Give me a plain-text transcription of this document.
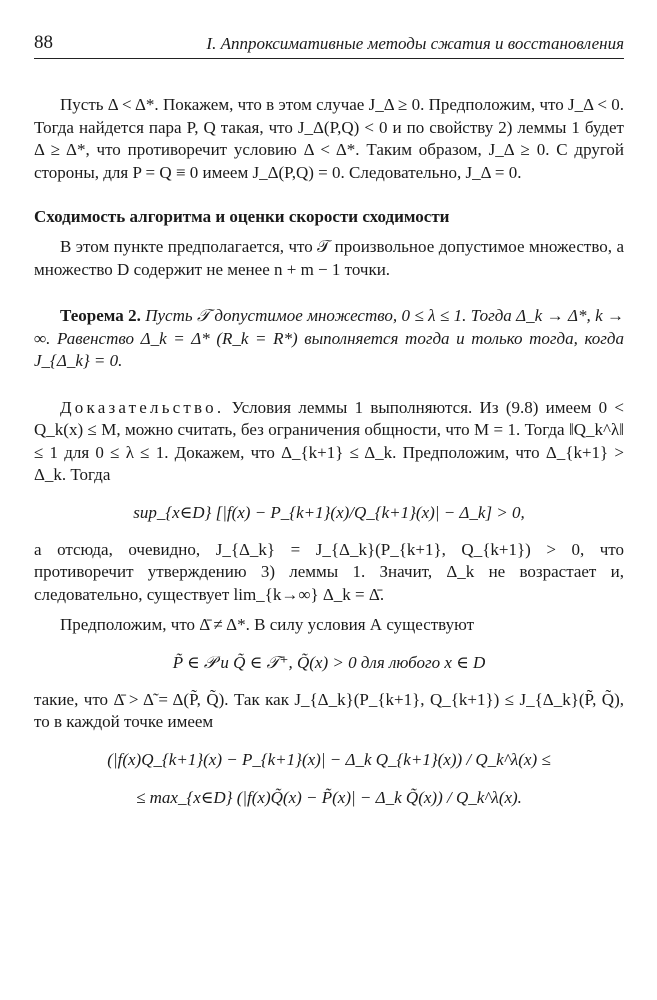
88	I. Аппроксимативные методы сжатия и восстановления

Пусть Δ < Δ*. Покажем, что в этом случае J_Δ ≥ 0. Предположим, что J_Δ < 0. Тогда найдется пара P, Q такая, что J_Δ(P,Q) < 0 и по свойству 2) леммы 1 будет Δ ≥ Δ*, что противоречит условию Δ < Δ*. Таким образом, J_Δ ≥ 0. С другой стороны, для P = Q ≡ 0 имеем J_Δ(P,Q) = 0. Следовательно, J_Δ = 0.

Сходимость алгоритма и оценки скорости сходимости

В этом пункте предполагается, что 𝒯 произвольное допустимое множество, а множество D содержит не менее n + m − 1 точки.

Теорема 2. Пусть 𝒯 допустимое множество, 0 ≤ λ ≤ 1. Тогда Δ_k → Δ*, k → ∞. Равенство Δ_k = Δ* (R_k = R*) выполняется тогда и только тогда, когда J_{Δ_k} = 0.

Доказательство. Условия леммы 1 выполняются. Из (9.8) имеем 0 < Q_k(x) ≤ M, можно считать, без ограничения общности, что M = 1. Тогда ‖Q_k^λ‖ ≤ 1 для 0 ≤ λ ≤ 1. Докажем, что Δ_{k+1} ≤ Δ_k. Предположим, что Δ_{k+1} > Δ_k. Тогда

sup_{x∈D} [|f(x) − P_{k+1}(x)/Q_{k+1}(x)| − Δ_k] > 0,

а отсюда, очевидно, J_{Δ_k} = J_{Δ_k}(P_{k+1}, Q_{k+1}) > 0, что противоречит утверждению 3) леммы 1. Значит, Δ_k не возрастает и, следовательно, существует lim_{k→∞} Δ_k = Δ̄.

Предположим, что Δ̄ ≠ Δ*. В силу условия А существуют

P̃ ∈ 𝒫 и Q̃ ∈ 𝒯⁺, Q̃(x) > 0 для любого x ∈ D

такие, что Δ̄ > Δ̃ = Δ(P̃, Q̃). Так как J_{Δ_k}(P_{k+1}, Q_{k+1}) ≤ J_{Δ_k}(P̃, Q̃), то в каждой точке имеем

(|f(x)Q_{k+1}(x) − P_{k+1}(x)| − Δ_k Q_{k+1}(x)) / Q_k^λ(x) ≤
≤ max_{x∈D} (|f(x)Q̃(x) − P̃(x)| − Δ_k Q̃(x)) / Q_k^λ(x).
